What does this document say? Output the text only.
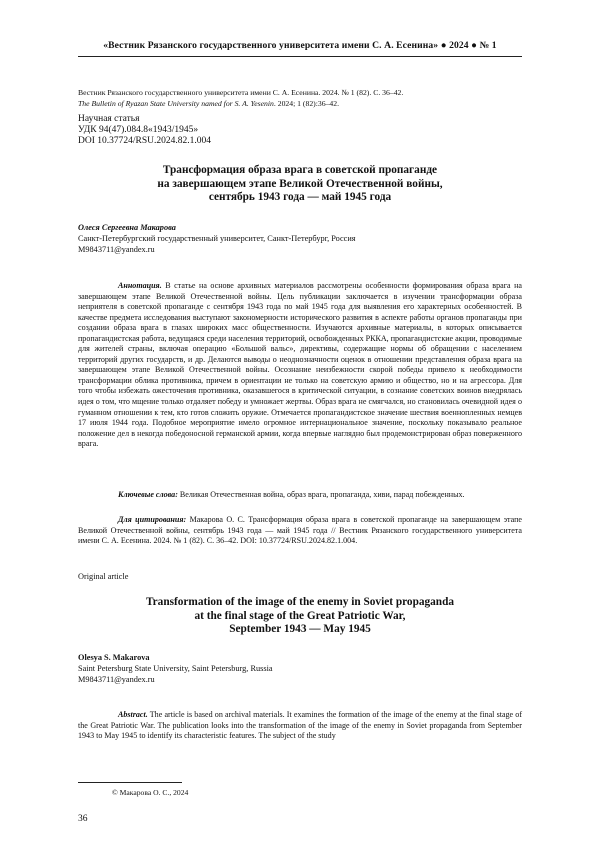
«Вестник Рязанского государственного университета имени С. А. Есенина» ● 2024 ● № 1
Вестник Рязанского государственного университета имени С. А. Есенина. 2024. № 1 (82). С. 36–42.
The Bulletin of Ryazan State University named for S. A. Yesenin. 2024; 1 (82):36–42.
Научная статья
УДК 94(47).084.8«1943/1945»
DOI 10.37724/RSU.2024.82.1.004
Трансформация образа врага в советской пропаганде
на завершающем этапе Великой Отечественной войны,
сентябрь 1943 года — май 1945 года
Олеся Сергеевна Макарова
Санкт-Петербургский государственный университет, Санкт-Петербург, Россия
M9843711@yandex.ru

Аннотация. В статье на основе архивных материалов рассмотрены особенности формирования образа врага на завершающем этапе Великой Отечественной войны. Цель публикации заключается в изучении трансформации образа неприятеля в советской пропаганде с сентября 1943 года по май 1945 года для выявления его характерных особенностей. В качестве предмета исследования выступают закономерности исторического развития в аспекте работы органов пропаганды при создании образа врага в глазах широких масс общественности. Изучаются архивные материалы, в которых описывается пропагандистская работа, ведущаяся среди населения территорий, освобожденных РККА, пропагандистские акции, проводимые для жителей страны, включая операцию «Большой вальс», директивы, содержащие нормы об обращении с населением территорий других государств, и др. Делаются выводы о неоднозначности оценок в отношении представления образа врага на завершающем этапе Великой Отечественной войны. Осознание неизбежности скорой победы привело к необходимости трансформации облика противника, причем в ориентации не только на советскую армию и общество, но и на агрессора. Для того чтобы избежать ожесточения противника, оказавшегося в критической ситуации, в сознание советских воинов внедрялась идея о том, что мщение только отдаляет победу и умножает жертвы. Образ врага не смягчался, но становилась очевидной идея о гуманном отношении к тем, кто готов сложить оружие. Отмечается пропагандистское значение шествия военнопленных немцев 17 июля 1944 года. Подобное мероприятие имело огромное интернациональное значение, поскольку показывало реальное положение дел в некогда победоносной германской армии, когда впервые наглядно был продемонстрирован образ поверженного врага.

Ключевые слова: Великая Отечественная война, образ врага, пропаганда, хиви, парад побежденных.

Для цитирования: Макарова О. С. Трансформация образа врага в советской пропаганде на завершающем этапе Великой Отечественной войны, сентябрь 1943 года — май 1945 года // Вестник Рязанского государственного университета имени С. А. Есенина. 2024. № 1 (82). С. 36–42. DOI: 10.37724/RSU.2024.82.1.004.

Original article
Transformation of the image of the enemy in Soviet propaganda
at the final stage of the Great Patriotic War,
September 1943 — May 1945
Olesya S. Makarova
Saint Petersburg State University, Saint Petersburg, Russia
M9843711@yandex.ru

Abstract. The article is based on archival materials. It examines the formation of the image of the enemy at the final stage of the Great Patriotic War. The publication looks into the transformation of the image of the enemy in Soviet propaganda from September 1943 to May 1945 to identify its characteristic features. The subject of the study

© Макарова О. С., 2024
36
